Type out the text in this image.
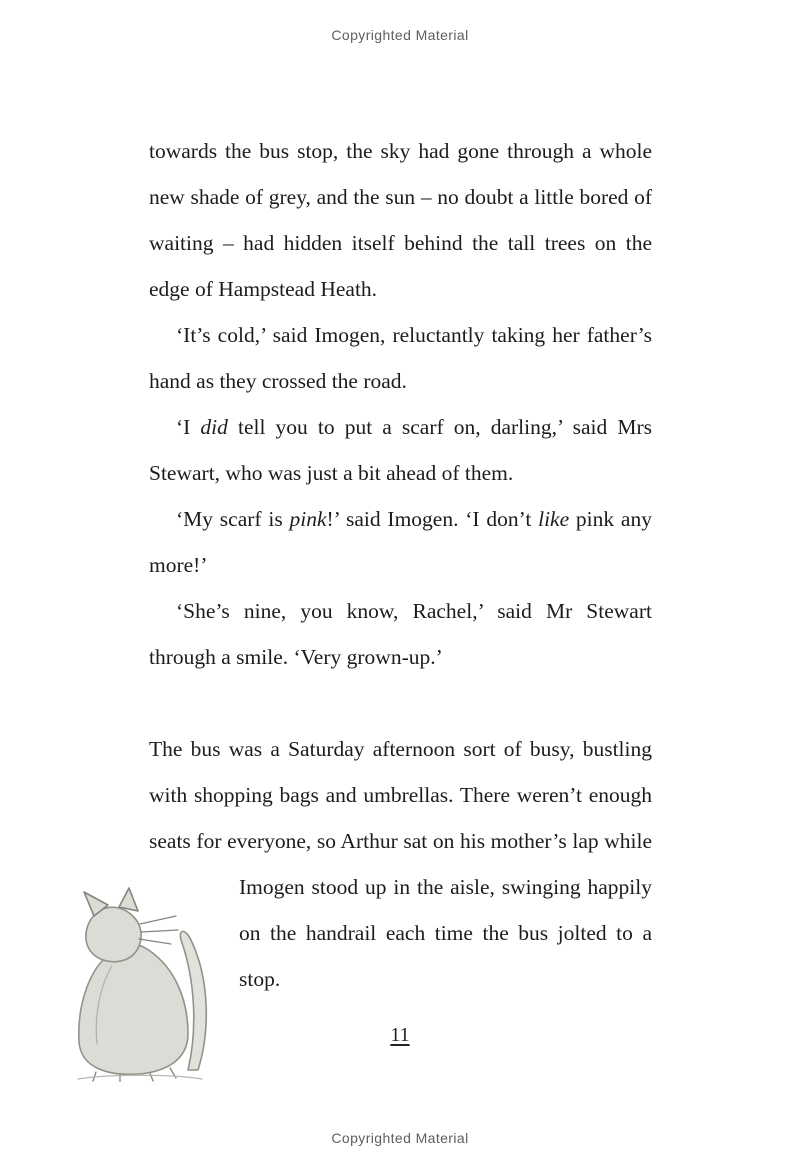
Copyrighted Material

towards the bus stop, the sky had gone through a whole new shade of grey, and the sun – no doubt a little bored of waiting – had hidden itself behind the tall trees on the edge of Hampstead Heath.

‘It’s cold,’ said Imogen, reluctantly taking her father’s hand as they crossed the road.

‘I did tell you to put a scarf on, darling,’ said Mrs Stewart, who was just a bit ahead of them.

‘My scarf is pink!’ said Imogen. ‘I don’t like pink any more!’

‘She’s nine, you know, Rachel,’ said Mr Stewart through a smile. ‘Very grown-up.’

The bus was a Saturday afternoon sort of busy, bustling with shopping bags and umbrellas. There weren’t enough seats for everyone, so Arthur sat on his mother’s lap while Imogen stood up in the aisle, swinging happily on the handrail each time the bus jolted to a stop.

11
Copyrighted Material
